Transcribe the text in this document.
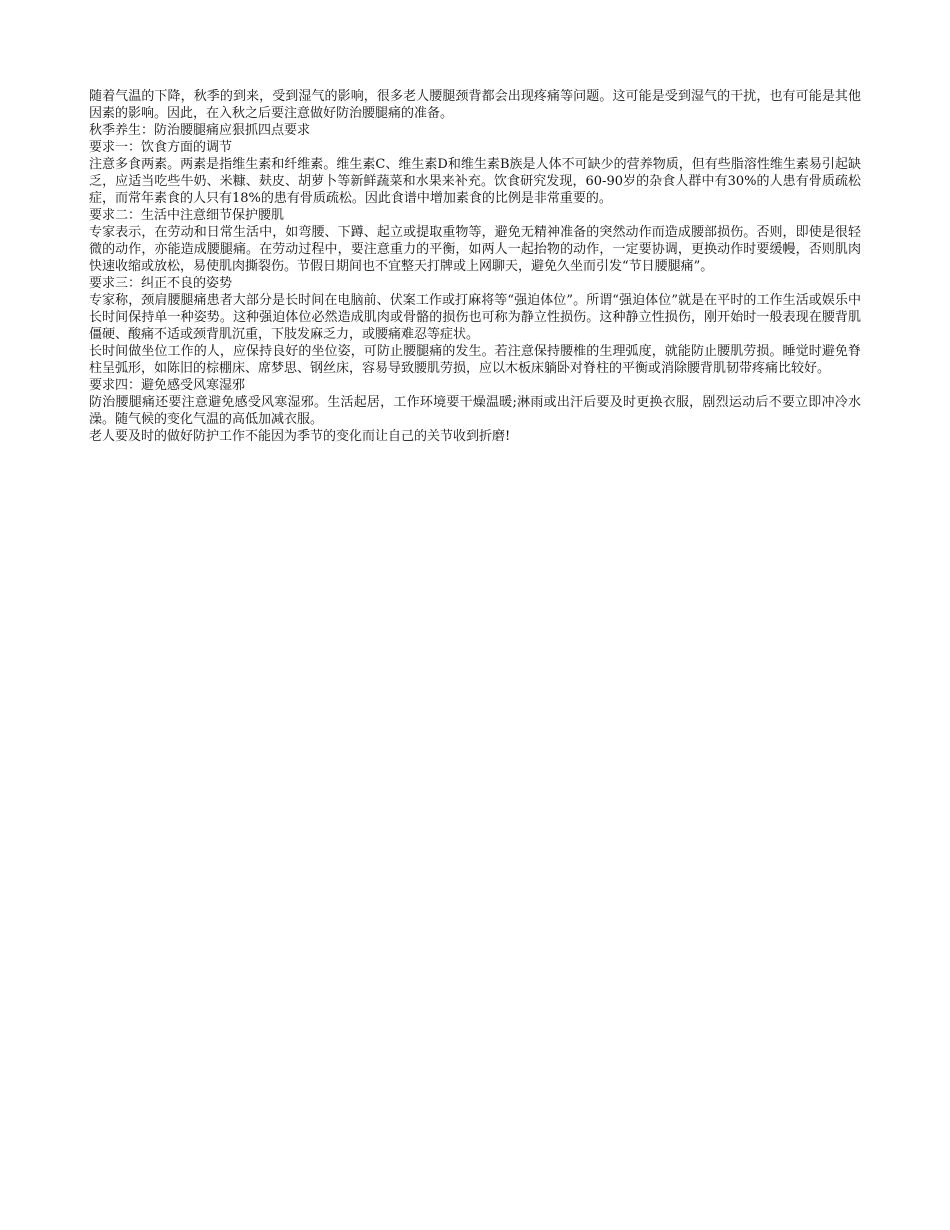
随着气温的下降，秋季的到来，受到湿气的影响，很多老人腰腿颈背都会出现疼痛等问题。这可能是受到湿气的干扰，也有可能是其他因素的影响。因此，在入秋之后要注意做好防治腰腿痛的准备。

秋季养生：防治腰腿痛应狠抓四点要求

要求一：饮食方面的调节

注意多食两素。两素是指维生素和纤维素。维生素C、维生素D和维生素B族是人体不可缺少的营养物质，但有些脂溶性维生素易引起缺乏，应适当吃些牛奶、米糠、麸皮、胡萝卜等新鲜蔬菜和水果来补充。饮食研究发现，60-90岁的杂食人群中有30%的人患有骨质疏松症，而常年素食的人只有18%的患有骨质疏松。因此食谱中增加素食的比例是非常重要的。

要求二：生活中注意细节保护腰肌

专家表示，在劳动和日常生活中，如弯腰、下蹲、起立或提取重物等，避免无精神准备的突然动作而造成腰部损伤。否则，即使是很轻微的动作，亦能造成腰腿痛。在劳动过程中，要注意重力的平衡，如两人一起抬物的动作，一定要协调，更换动作时要缓幔，否则肌肉快速收缩或放松，易使肌肉撕裂伤。节假日期间也不宜整天打牌或上网聊天，避免久坐而引发“节日腰腿痛”。

要求三：纠正不良的姿势

专家称，颈肩腰腿痛患者大部分是长时间在电脑前、伏案工作或打麻将等“强迫体位”。所谓“强迫体位”就是在平时的工作生活或娱乐中长时间保持单一种姿势。这种强迫体位必然造成肌肉或骨骼的损伤也可称为静立性损伤。这种静立性损伤，刚开始时一般表现在腰背肌僵硬、酸痛不适或颈背肌沉重，下肢发麻乏力，或腰痛难忍等症状。

长时间做坐位工作的人，应保持良好的坐位姿，可防止腰腿痛的发生。若注意保持腰椎的生理弧度，就能防止腰肌劳损。睡觉时避免脊柱呈弧形，如陈旧的棕棚床、席梦思、钢丝床，容易导致腰肌劳损，应以木板床躺卧对脊柱的平衡或消除腰背肌韧带疼痛比较好。

要求四：避免感受风寒湿邪

防治腰腿痛还要注意避免感受风寒湿邪。生活起居，工作环境要干燥温暖;淋雨或出汗后要及时更换衣服，剧烈运动后不要立即冲冷水澡。随气候的变化气温的高低加减衣服。

老人要及时的做好防护工作不能因为季节的变化而让自己的关节收到折磨!
